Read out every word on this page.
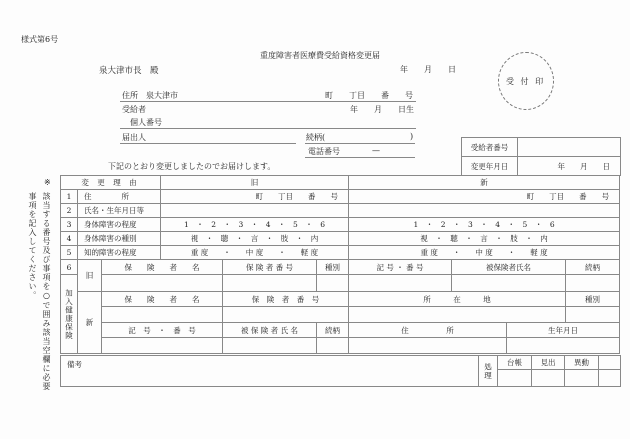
様式第6号
重度障害者医療費受給資格変更届
泉大津市長　殿	年　　月　　日
受 付 印
住所　泉大津市	町　　丁目　　番　　号
受給者	年　　月　　日生
個人番号
届出人	続柄(	)
電話番号	—	受給者番号	
変更年月日	年　　月　　日
下記のとおり変更しましたのでお届けします。
※
該当する番号及び事項を○で囲み該当空欄に必要
事項を記入してください。
変 更 理 由			旧			新			
1	住　　　　所		町　　丁目　　番　　号			町　　丁目　　番　　号			
2	氏名・生年月日等								
3	身体障害の程度		1　・　2　・　3　・　4　・　5　・　6			1　・　2　・　3　・　4　・　5　・　6			
4	身体障害の種別		視　・　聴　・　言　・　肢　・　内			視　・　聴　・　言　・　肢　・　内			
5	知的障害の程度		重 度　　・　　中 度　　・　　軽 度			重 度　　・　　中 度　　・　　軽 度			
6	旧	保　　険　　者　　名		保 険 者 番 号	種別	記 号 ・ 番 号	被保険者氏名		続柄
加入健康保険									
	新	保　　険　　者　　名		保　険　者　番　号		所　　　在　　　地			種別

		記　号　・　番　号		被 保 険 者 氏 名	続柄	住　　　　　所		生年月日	

備考	処理	台帳	見出	異動	
